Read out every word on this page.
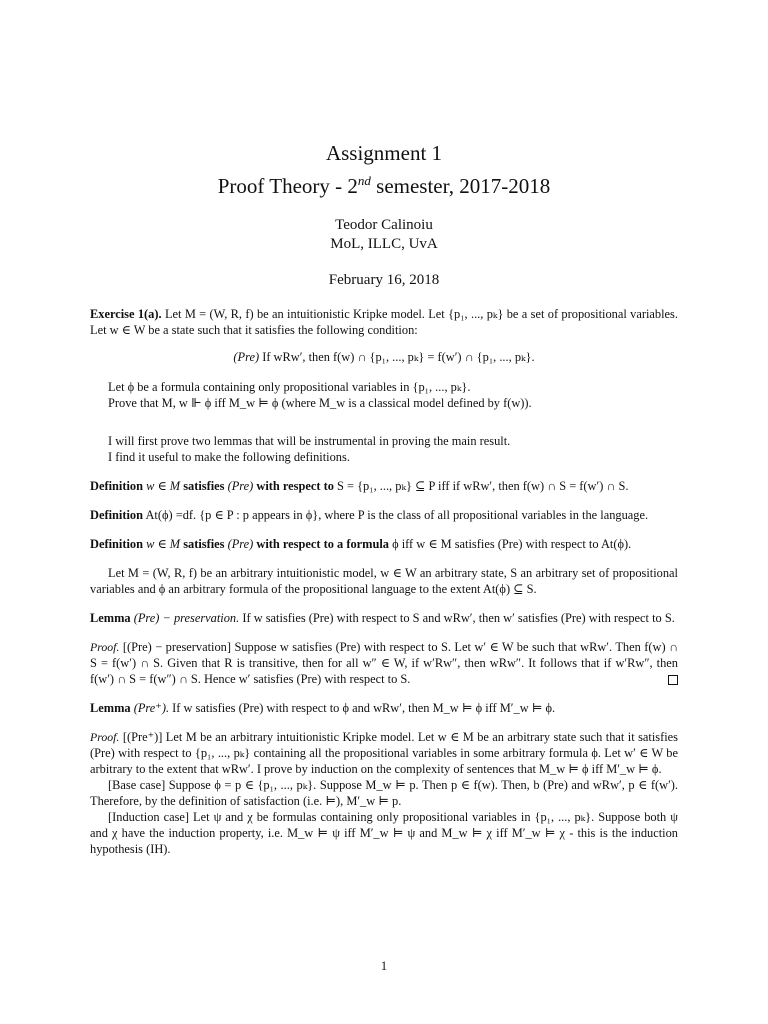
Assignment 1
Proof Theory - 2nd semester, 2017-2018
Teodor Calinoiu
MoL, ILLC, UvA
February 16, 2018

Exercise 1(a). Let M = (W, R, f) be an intuitionistic Kripke model. Let {p₁, ..., pₖ} be a set of propositional variables. Let w ∈ W be a state such that it satisfies the following condition:

(Pre) If wRw′, then f(w) ∩ {p₁, ..., pₖ} = f(w′) ∩ {p₁, ..., pₖ}.

Let ϕ be a formula containing only propositional variables in {p₁, ..., pₖ}.

Prove that M, w ⊩ ϕ iff M_w ⊨ ϕ (where M_w is a classical model defined by f(w)).

I will first prove two lemmas that will be instrumental in proving the main result.

I find it useful to make the following definitions.

Definition w ∈ M satisfies (Pre) with respect to S = {p₁, ..., pₖ} ⊆ P iff if wRw′, then f(w) ∩ S = f(w′) ∩ S.

Definition At(ϕ) =df. {p ∈ P : p appears in ϕ}, where P is the class of all propositional variables in the language.

Definition w ∈ M satisfies (Pre) with respect to a formula ϕ iff w ∈ M satisfies (Pre) with respect to At(ϕ).

Let M = (W, R, f) be an arbitrary intuitionistic model, w ∈ W an arbitrary state, S an arbitrary set of propositional variables and ϕ an arbitrary formula of the propositional language to the extent At(ϕ) ⊆ S.

Lemma (Pre) − preservation. If w satisfies (Pre) with respect to S and wRw′, then w′ satisfies (Pre) with respect to S.

Proof. [(Pre) − preservation] Suppose w satisfies (Pre) with respect to S. Let w′ ∈ W be such that wRw′. Then f(w) ∩ S = f(w′) ∩ S. Given that R is transitive, then for all w″ ∈ W, if w′Rw″, then wRw″. It follows that if w′Rw″, then f(w′) ∩ S = f(w″) ∩ S. Hence w′ satisfies (Pre) with respect to S.

Lemma (Pre⁺). If w satisfies (Pre) with respect to ϕ and wRw′, then M_w ⊨ ϕ iff M′_w ⊨ ϕ.

Proof. [(Pre⁺)] Let M be an arbitrary intuitionistic Kripke model. Let w ∈ M be an arbitrary state such that it satisfies (Pre) with respect to {p₁, ..., pₖ} containing all the propositional variables in some arbitrary formula ϕ. Let w′ ∈ W be arbitrary to the extent that wRw′. I prove by induction on the complexity of sentences that M_w ⊨ ϕ iff M′_w ⊨ ϕ.

[Base case] Suppose ϕ = p ∈ {p₁, ..., pₖ}. Suppose M_w ⊨ p. Then p ∈ f(w). Then, b (Pre) and wRw′, p ∈ f(w′). Therefore, by the definition of satisfaction (i.e. ⊨), M′_w ⊨ p.

[Induction case] Let ψ and χ be formulas containing only propositional variables in {p₁, ..., pₖ}. Suppose both ψ and χ have the induction property, i.e. M_w ⊨ ψ iff M′_w ⊨ ψ and M_w ⊨ χ iff M′_w ⊨ χ - this is the induction hypothesis (IH).

1
